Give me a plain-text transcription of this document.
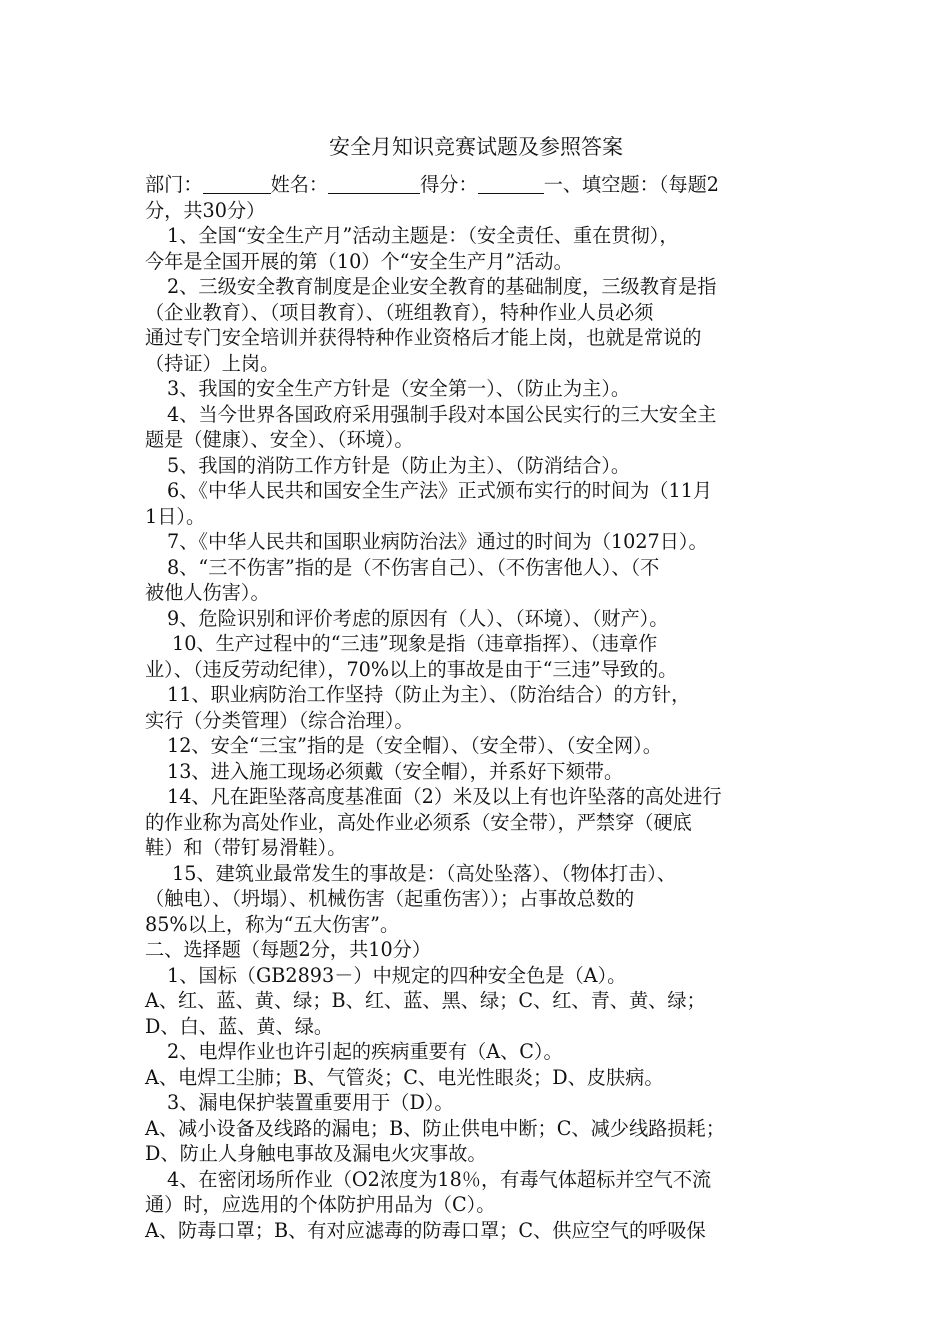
安全月知识竞赛试题及参照答案
部门：	姓名：	得分：	一、填空题：（每题2
分，共30分）
1、全国“安全生产月”活动主题是：（安全责任、重在贯彻），
今年是全国开展的第（10）个“安全生产月”活动。
2、三级安全教育制度是企业安全教育的基础制度，三级教育是指
（企业教育）、（项目教育）、（班组教育），特种作业人员必须
通过专门安全培训并获得特种作业资格后才能上岗，也就是常说的
（持证）上岗。
3、我国的安全生产方针是（安全第一）、（防止为主）。
4、当今世界各国政府采用强制手段对本国公民实行的三大安全主
题是（健康）、安全）、（环境）。
5、我国的消防工作方针是（防止为主）、（防消结合）。
6、《中华人民共和国安全生产法》正式颁布实行的时间为（11月
1日）。
7、《中华人民共和国职业病防治法》通过的时间为（1027日）。
8、“三不伤害”指的是（不伤害自己）、（不伤害他人）、（不
被他人伤害）。
9、危险识别和评价考虑的原因有（人）、（环境）、（财产）。
10、生产过程中的“三违”现象是指（违章指挥）、（违章作
业）、（违反劳动纪律），70%以上的事故是由于“三违”导致的。
11、职业病防治工作坚持（防止为主）、（防治结合）的方针，
实行（分类管理）（综合治理）。
12、安全“三宝”指的是（安全帽）、（安全带）、（安全网）。
13、进入施工现场必须戴（安全帽），并系好下颏带。
14、凡在距坠落高度基准面（2）米及以上有也许坠落的高处进行
的作业称为高处作业，高处作业必须系（安全带），严禁穿（硬底
鞋）和（带钉易滑鞋）。
15、建筑业最常发生的事故是：（高处坠落）、（物体打击）、
（触电）、（坍塌）、机械伤害（起重伤害））；占事故总数的
85%以上，称为“五大伤害”。
二、选择题（每题2分，共10分）
1、国标（GB2893－）中规定的四种安全色是（A）。
A、红、蓝、黄、绿；B、红、蓝、黑、绿；C、红、青、黄、绿；
D、白、蓝、黄、绿。
2、电焊作业也许引起的疾病重要有（A、C）。
A、电焊工尘肺；B、气管炎；C、电光性眼炎；D、皮肤病。
3、漏电保护装置重要用于（D）。
A、减小设备及线路的漏电；B、防止供电中断；C、减少线路损耗；
D、防止人身触电事故及漏电火灾事故。
4、在密闭场所作业（O2浓度为18％，有毒气体超标并空气不流
通）时，应选用的个体防护用品为（C）。
A、防毒口罩；B、有对应滤毒的防毒口罩；C、供应空气的呼吸保
